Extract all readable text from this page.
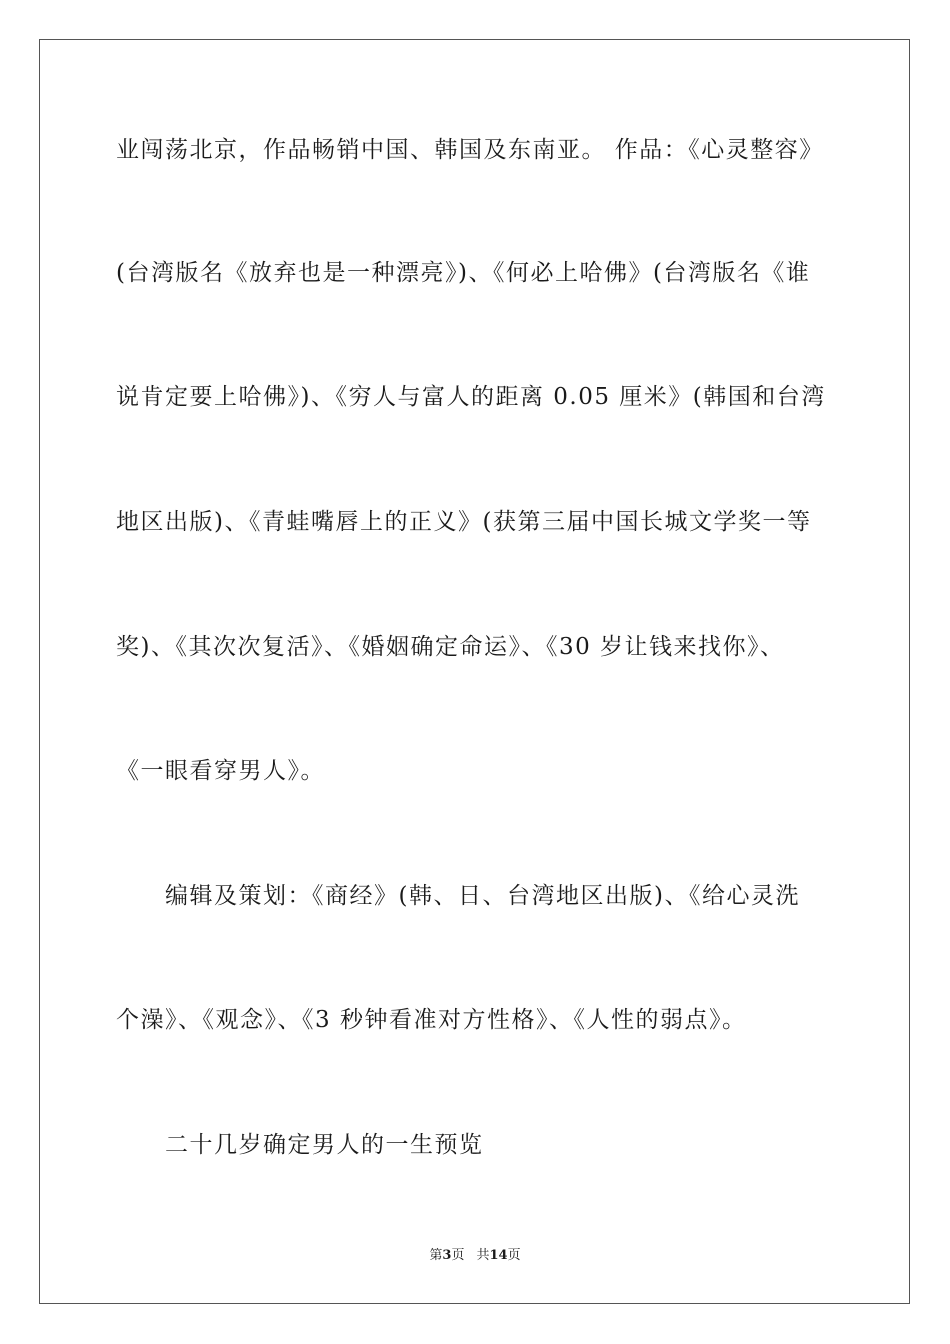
业闯荡北京，作品畅销中国、韩国及东南亚。 作品：《心灵整容》
(台湾版名《放弃也是一种漂亮》)、《何必上哈佛》(台湾版名《谁
说肯定要上哈佛》)、《穷人与富人的距离 0.05 厘米》(韩国和台湾
地区出版)、《青蛙嘴唇上的正义》(获第三届中国长城文学奖一等
奖)、《其次次复活》、《婚姻确定命运》、《30 岁让钱来找你》、
《一眼看穿男人》。
编辑及策划：《商经》(韩、日、台湾地区出版)、《给心灵洗
个澡》、《观念》、《3 秒钟看准对方性格》、《人性的弱点》。
二十几岁确定男人的一生预览
第3页 共14页
